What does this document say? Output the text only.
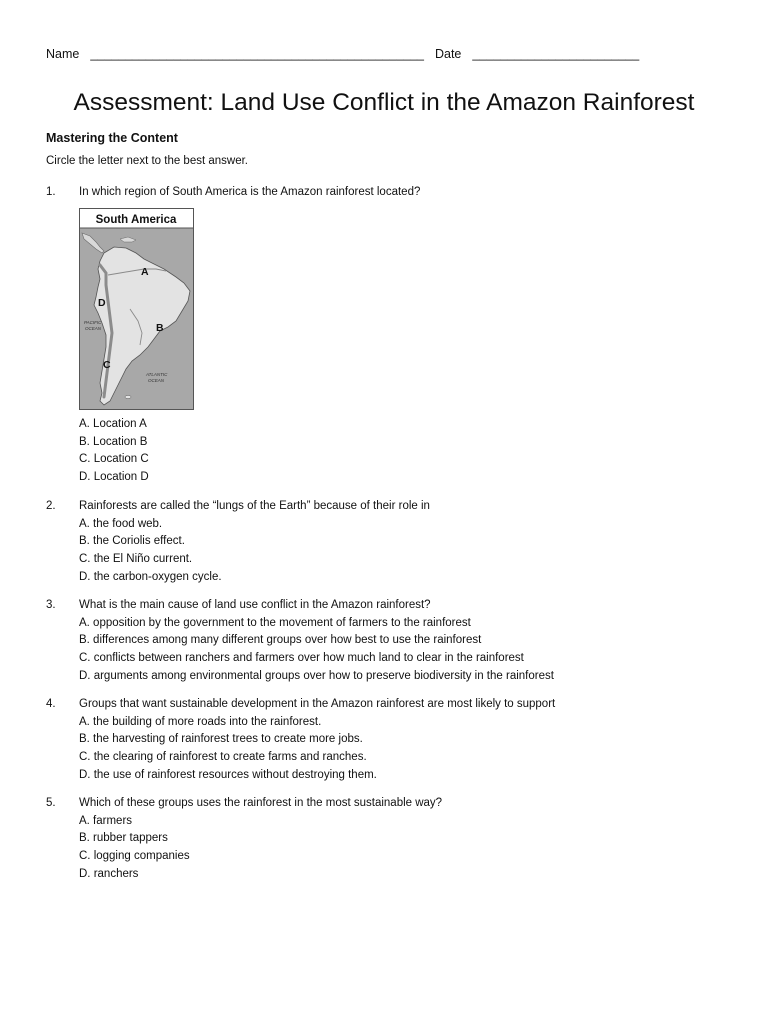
Name ________________________________________________ Date ________________________
Assessment: Land Use Conflict in the Amazon Rainforest
Mastering the Content
Circle the letter next to the best answer.
1. In which region of South America is the Amazon rainforest located?
South America
A
B
C
D
PACIFIC
OCEAN
ATLANTIC
OCEAN
A. Location A
B. Location B
C. Location C
D. Location D
2. Rainforests are called the “lungs of the Earth” because of their role in
A. the food web.
B. the Coriolis effect.
C. the El Niño current.
D. the carbon-oxygen cycle.
3. What is the main cause of land use conflict in the Amazon rainforest?
A. opposition by the government to the movement of farmers to the rainforest
B. differences among many different groups over how best to use the rainforest
C. conflicts between ranchers and farmers over how much land to clear in the rainforest
D. arguments among environmental groups over how to preserve biodiversity in the rainforest
4. Groups that want sustainable development in the Amazon rainforest are most likely to support
A. the building of more roads into the rainforest.
B. the harvesting of rainforest trees to create more jobs.
C. the clearing of rainforest to create farms and ranches.
D. the use of rainforest resources without destroying them.
5. Which of these groups uses the rainforest in the most sustainable way?
A. farmers
B. rubber tappers
C. logging companies
D. ranchers
